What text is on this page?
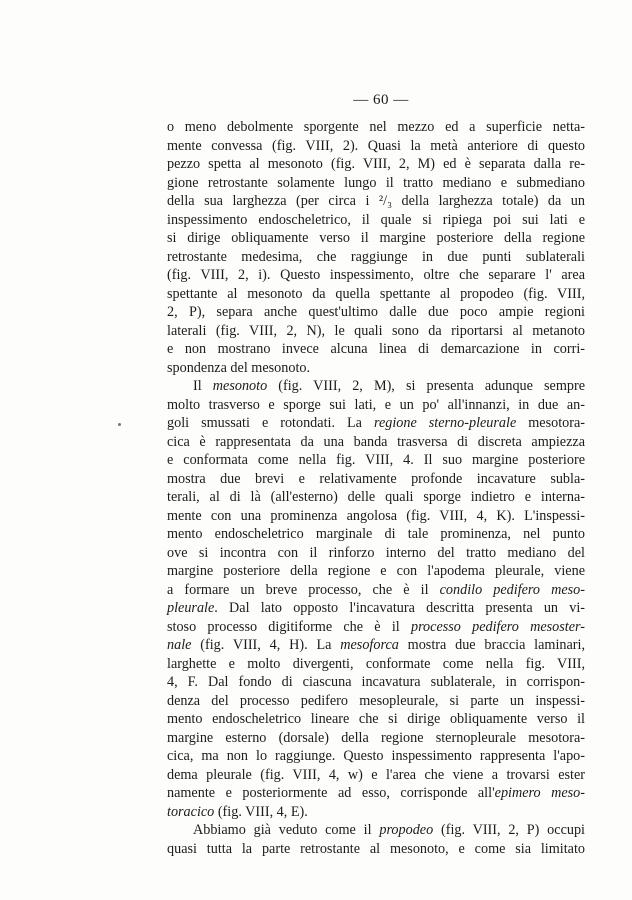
— 60 —
o meno debolmente sporgente nel mezzo ed a superficie netta-
mente convessa (fig. VIII, 2). Quasi la metà anteriore di questo
pezzo spetta al mesonoto (fig. VIII, 2, M) ed è separata dalla re-
gione retrostante solamente lungo il tratto mediano e submediano
della sua larghezza (per circa i ²/₃ della larghezza totale) da un
inspessimento endoscheletrico, il quale si ripiega poi sui lati e
si dirige obliquamente verso il margine posteriore della regione
retrostante medesima, che raggiunge in due punti sublaterali
(fig. VIII, 2, i). Questo inspessimento, oltre che separare l' area
spettante al mesonoto da quella spettante al propodeo (fig. VIII,
2, P), separa anche quest'ultimo dalle due poco ampie regioni
laterali (fig. VIII, 2, N), le quali sono da riportarsi al metanoto
e non mostrano invece alcuna linea di demarcazione in corri-
spondenza del mesonoto.
Il mesonoto (fig. VIII, 2, M), si presenta adunque sempre
molto trasverso e sporge sui lati, e un po' all'innanzi, in due an-
goli smussati e rotondati. La regione sterno-pleurale mesotora-
cica è rappresentata da una banda trasversa di discreta ampiezza
e conformata come nella fig. VIII, 4. Il suo margine posteriore
mostra due brevi e relativamente profonde incavature subla-
terali, al di là (all'esterno) delle quali sporge indietro e interna-
mente con una prominenza angolosa (fig. VIII, 4, K). L'inspessi-
mento endoscheletrico marginale di tale prominenza, nel punto
ove si incontra con il rinforzo interno del tratto mediano del
margine posteriore della regione e con l'apodema pleurale, viene
a formare un breve processo, che è il condilo pedifero meso-
pleurale. Dal lato opposto l'incavatura descritta presenta un vi-
stoso processo digitiforme che è il processo pedifero mesoster-
nale (fig. VIII, 4, H). La mesoforca mostra due braccia laminari,
larghette e molto divergenti, conformate come nella fig. VIII,
4, F. Dal fondo di ciascuna incavatura sublaterale, in corrispon-
denza del processo pedifero mesopleurale, si parte un inspessi-
mento endoscheletrico lineare che si dirige obliquamente verso il
margine esterno (dorsale) della regione sternopleurale mesotora-
cica, ma non lo raggiunge. Questo inspessimento rappresenta l'apo-
dema pleurale (fig. VIII, 4, w) e l'area che viene a trovarsi ester
namente e posteriormente ad esso, corrisponde all'epimero meso-
toracico (fig. VIII, 4, E).
Abbiamo già veduto come il propodeo (fig. VIII, 2, P) occupi
quasi tutta la parte retrostante al mesonoto, e come sia limitato
